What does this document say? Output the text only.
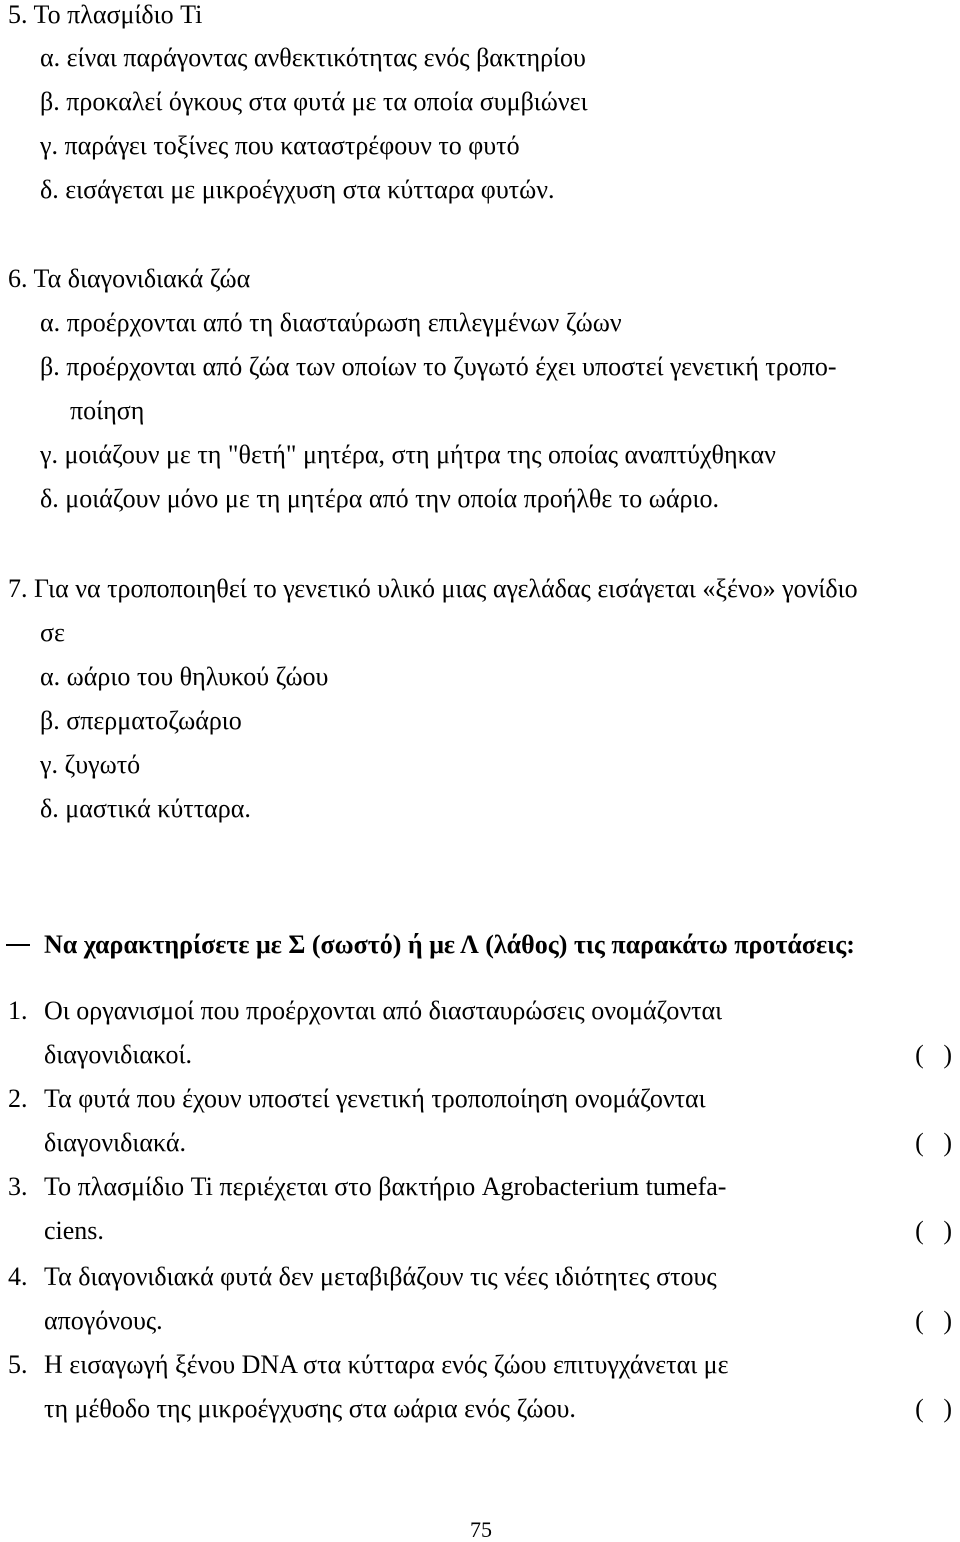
5. Το πλασμίδιο Ti
α. είναι παράγοντας ανθεκτικότητας ενός βακτηρίου
β. προκαλεί όγκους στα φυτά με τα οποία συμβιώνει
γ. παράγει τοξίνες που καταστρέφουν το φυτό
δ. εισάγεται με μικροέγχυση στα κύτταρα φυτών.
6. Τα διαγονιδιακά ζώα
α. προέρχονται από τη διασταύρωση επιλεγμένων ζώων
β. προέρχονται από ζώα των οποίων το ζυγωτό έχει υποστεί γενετική τροπο-
ποίηση
γ. μοιάζουν με τη "θετή" μητέρα, στη μήτρα της οποίας αναπτύχθηκαν
δ. μοιάζουν μόνο με τη μητέρα από την οποία προήλθε το ωάριο.
7. Για να τροποποιηθεί το γενετικό υλικό μιας αγελάδας εισάγεται «ξένο» γονίδιο
σε
α. ωάριο του θηλυκού ζώου
β. σπερματοζωάριο
γ. ζυγωτό
δ. μαστικά κύτταρα.
Να χαρακτηρίσετε με Σ (σωστό) ή με Λ (λάθος) τις παρακάτω προτάσεις:
1. Οι οργανισμοί που προέρχονται από διασταυρώσεις ονομάζονται
διαγονιδιακοί.	(   )
2. Τα φυτά που έχουν υποστεί γενετική τροποποίηση ονομάζονται
διαγονιδιακά.	(   )
3. Το πλασμίδιο Ti περιέχεται στο βακτήριο Agrobacterium tumefa-
ciens.	(   )
4. Τα διαγονιδιακά φυτά δεν μεταβιβάζουν τις νέες ιδιότητες στους
απογόνους.	(   )
5. Η εισαγωγή ξένου DNA στα κύτταρα ενός ζώου επιτυγχάνεται με
τη μέθοδο της μικροέγχυσης στα ωάρια ενός ζώου.	(   )
75
